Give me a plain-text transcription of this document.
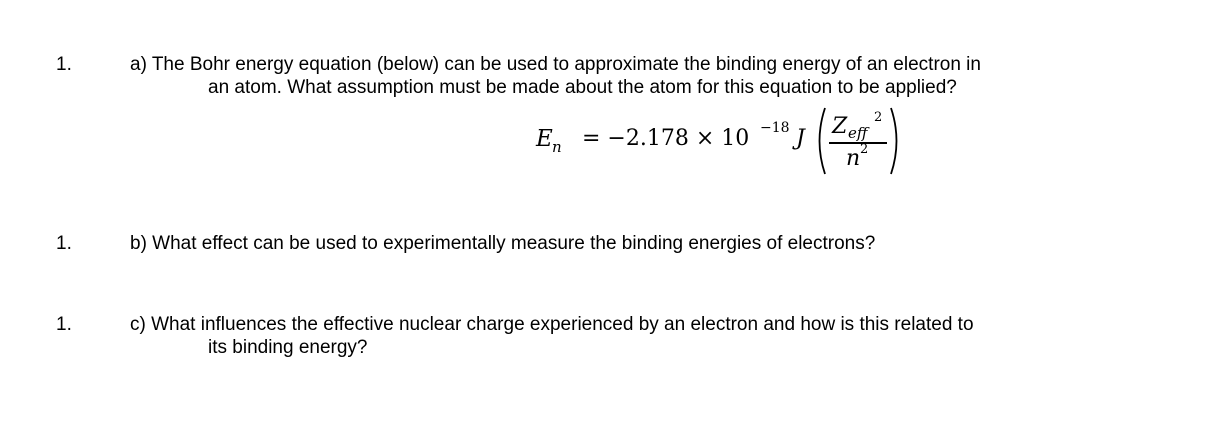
1.	a) The Bohr energy equation (below) can be used to approximate the binding energy of an electron in
an atom. What assumption must be made about the atom for this equation to be applied?
E n = −2.178 × 10 −18 J Z eff
2
n 2
1.	b) What effect can be used to experimentally measure the binding energies of electrons?
1.	c) What influences the effective nuclear charge experienced by an electron and how is this related to
its binding energy?
